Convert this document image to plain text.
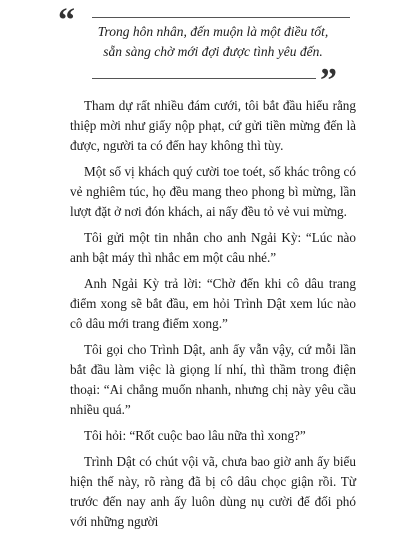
“	Trong hôn nhân, đến muộn là một điều tốt,
sẵn sàng chờ mới đợi được tình yêu đến.
”

Tham dự rất nhiều đám cưới, tôi bắt đầu hiểu rằng thiệp mời như giấy nộp phạt, cứ gửi tiền mừng đến là được, người ta có đến hay không thì tùy.

Một số vị khách quý cười toe toét, số khác trông có vẻ nghiêm túc, họ đều mang theo phong bì mừng, lần lượt đặt ở nơi đón khách, ai nấy đều tỏ vẻ vui mừng.

Tôi gửi một tin nhắn cho anh Ngải Kỳ: “Lúc nào anh bật máy thì nhắc em một câu nhé.”

Anh Ngải Kỳ trả lời: “Chờ đến khi cô dâu trang điểm xong sẽ bắt đầu, em hỏi Trình Dật xem lúc nào cô dâu mới trang điểm xong.”

Tôi gọi cho Trình Dật, anh ấy vẫn vậy, cứ mỗi lần bắt đầu làm việc là giọng lí nhí, thì thầm trong điện thoại: “Ai chẳng muốn nhanh, nhưng chị này yêu cầu nhiều quá.”

Tôi hỏi: “Rốt cuộc bao lâu nữa thì xong?”

Trình Dật có chút vội vã, chưa bao giờ anh ấy biểu hiện thế này, rõ ràng đã bị cô dâu chọc giận rồi. Từ trước đến nay anh ấy luôn dùng nụ cười để đối phó với những người
